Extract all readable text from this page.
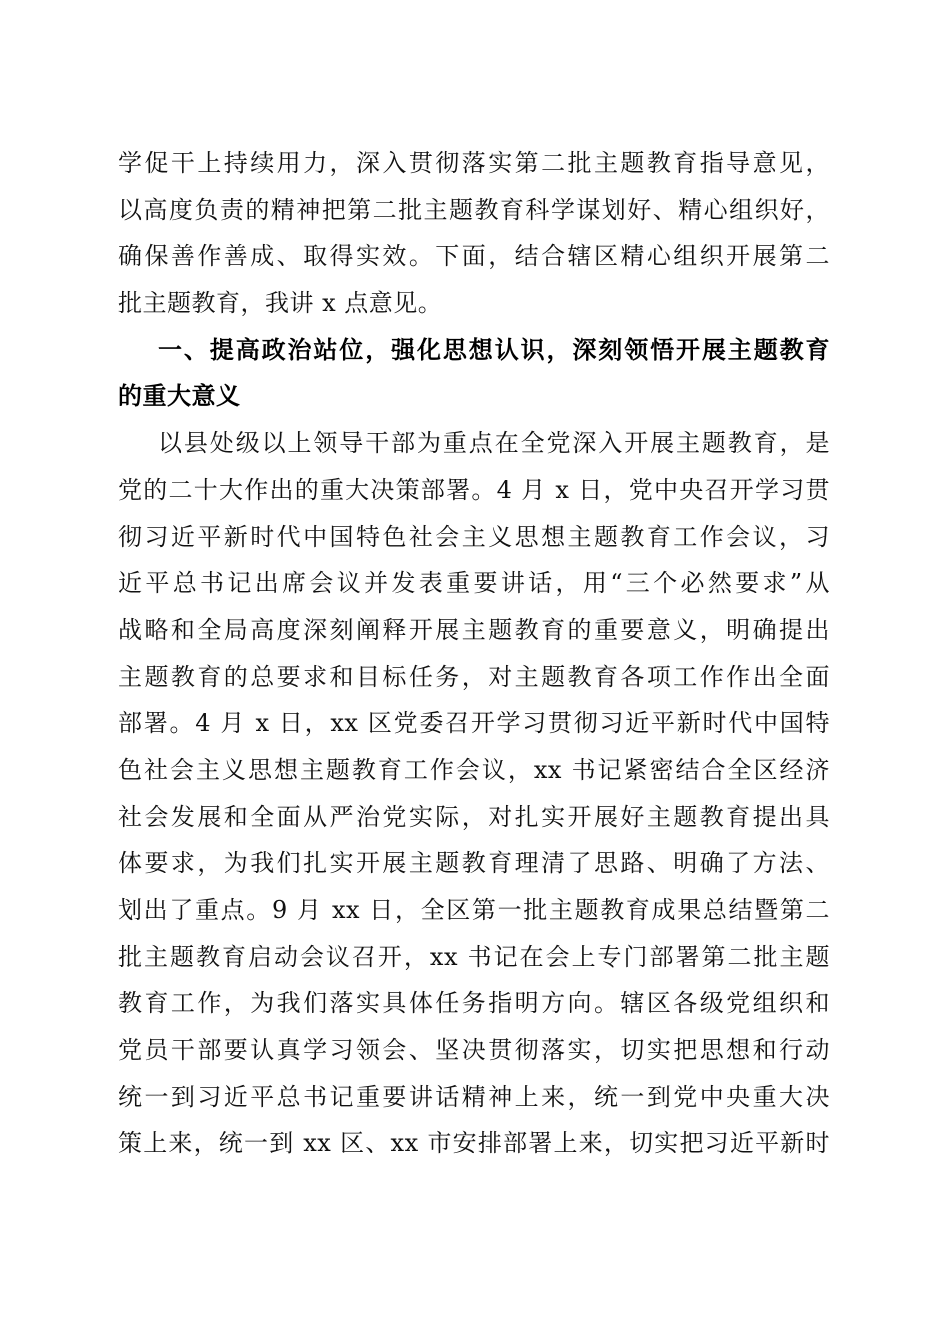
学促干上持续用力，深入贯彻落实第二批主题教育指导意见，
以高度负责的精神把第二批主题教育科学谋划好、精心组织好，
确保善作善成、取得实效。下面，结合辖区精心组织开展第二
批主题教育，我讲 x 点意见。
一、提高政治站位，强化思想认识，深刻领悟开展主题教育
的重大意义
以县处级以上领导干部为重点在全党深入开展主题教育，是
党的二十大作出的重大决策部署。4 月 x 日，党中央召开学习贯
彻习近平新时代中国特色社会主义思想主题教育工作会议，习
近平总书记出席会议并发表重要讲话，用“三个必然要求”从
战略和全局高度深刻阐释开展主题教育的重要意义，明确提出
主题教育的总要求和目标任务，对主题教育各项工作作出全面
部署。4 月 x 日，xx 区党委召开学习贯彻习近平新时代中国特
色社会主义思想主题教育工作会议，xx 书记紧密结合全区经济
社会发展和全面从严治党实际，对扎实开展好主题教育提出具
体要求，为我们扎实开展主题教育理清了思路、明确了方法、
划出了重点。9 月 xx 日，全区第一批主题教育成果总结暨第二
批主题教育启动会议召开，xx 书记在会上专门部署第二批主题
教育工作，为我们落实具体任务指明方向。辖区各级党组织和
党员干部要认真学习领会、坚决贯彻落实，切实把思想和行动
统一到习近平总书记重要讲话精神上来，统一到党中央重大决
策上来，统一到 xx 区、xx 市安排部署上来，切实把习近平新时
